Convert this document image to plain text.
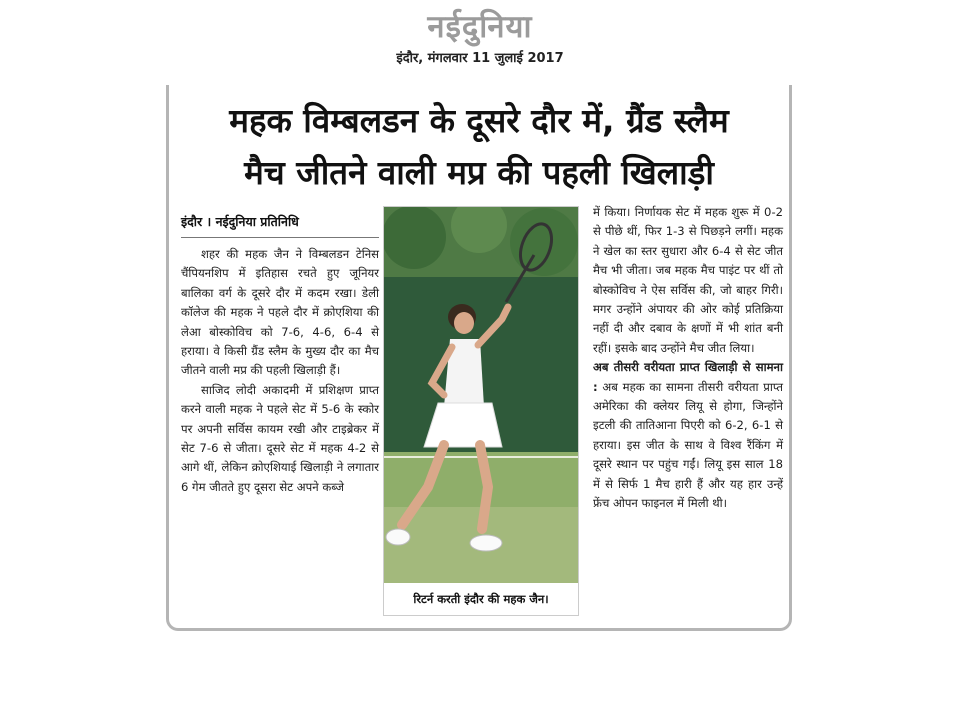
नईदुनिया
इंदौर, मंगलवार 11 जुलाई 2017
महक विम्बलडन के दूसरे दौर में, ग्रैंड स्लैम
मैच जीतने वाली मप्र की पहली खिलाड़ी
इंदौर । नईदुनिया प्रतिनिधि

शहर की महक जैन ने विम्बलडन टेनिस चैंपियनशिप में इतिहास रचते हुए जूनियर बालिका वर्ग के दूसरे दौर में कदम रखा। डेली कॉलेज की महक ने पहले दौर में क्रोएशिया की लेआ बोस्कोविच को 7-6, 4-6, 6-4 से हराया। वे किसी ग्रैंड स्लैम के मुख्य दौर का मैच जीतने वाली मप्र की पहली खिलाड़ी हैं।

साजिद लोदी अकादमी में प्रशिक्षण प्राप्त करने वाली महक ने पहले सेट में 5-6 के स्कोर पर अपनी सर्विस कायम रखी और टाइब्रेकर में सेट 7-6 से जीता। दूसरे सेट में महक 4-2 से आगे थीं, लेकिन क्रोएशियाई खिलाड़ी ने लगातार 6 गेम जीतते हुए दूसरा सेट अपने कब्जे

रिटर्न करती इंदौर की महक जैन।

में किया। निर्णायक सेट में महक शुरू में 0-2 से पीछे थीं, फिर 1-3 से पिछड़ने लगीं। महक ने खेल का स्तर सुधारा और 6-4 से सेट जीत मैच भी जीता। जब महक मैच पाइंट पर थीं तो बोस्कोविच ने ऐस सर्विस की, जो बाहर गिरी। मगर उन्होंने अंपायर की ओर कोई प्रतिक्रिया नहीं दी और दबाव के क्षणों में भी शांत बनी रहीं। इसके बाद उन्होंने मैच जीत लिया।

अब तीसरी वरीयता प्राप्त खिलाड़ी से सामना : अब महक का सामना तीसरी वरीयता प्राप्त अमेरिका की क्लेयर लियू से होगा, जिन्होंने इटली की तातिआना पिएरी को 6-2, 6-1 से हराया। इस जीत के साथ वे विश्व रैंकिंग में दूसरे स्थान पर पहुंच गईं। लियू इस साल 18 में से सिर्फ 1 मैच हारी हैं और यह हार उन्हें फ्रेंच ओपन फाइनल में मिली थी।
